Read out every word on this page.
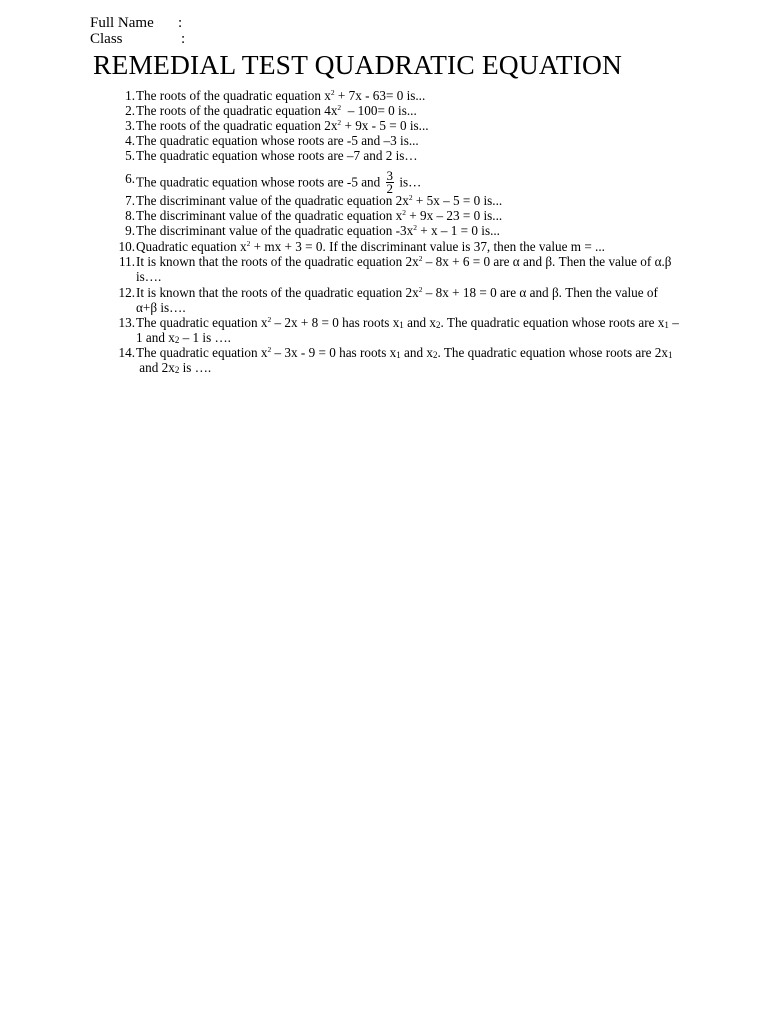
Full Name :
Class	:
REMEDIAL TEST QUADRATIC EQUATION
1. The roots of the quadratic equation $x^2 + 7x - 63= 0$ is...
2. The roots of the quadratic equation $4x^2 - 100= 0$ is...
3. The roots of the quadratic equation $2x^2 + 9x - 5 = 0$ is...
4. The quadratic equation whose roots are -5 and –3 is...
5. The quadratic equation whose roots are –7 and 2 is…
6. The quadratic equation whose roots are -5 and $\frac{3}{2}$ is…
7. The discriminant value of the quadratic equation $2x^2 + 5x - 5 = 0$ is...
8. The discriminant value of the quadratic equation $x^2 + 9x - 23 = 0$ is...
9. The discriminant value of the quadratic equation $-3x^2 + x - 1 = 0$ is...
10. Quadratic equation $x^2$ + mx + 3 = 0. If the discriminant value is 37, then the value m = ...
11. It is known that the roots of the quadratic equation $2x^2 - 8x + 6 = 0$ are α and β. Then the value of α.β is….
12. It is known that the roots of the quadratic equation $2x^2 - 8x + 18 = 0$ are α and β. Then the value of α+β is….
13. The quadratic equation $x^2 - 2x + 8 = 0$ has roots $x_1$ and $x_2$. The quadratic equation whose roots are $x_1 - 1$ and $x_2 - 1$ is ….
14. The quadratic equation $x^2 - 3x - 9 = 0$ has roots $x_1$ and $x_2$. The quadratic equation whose roots are $2x_1$  and $2x_2$ is ….
